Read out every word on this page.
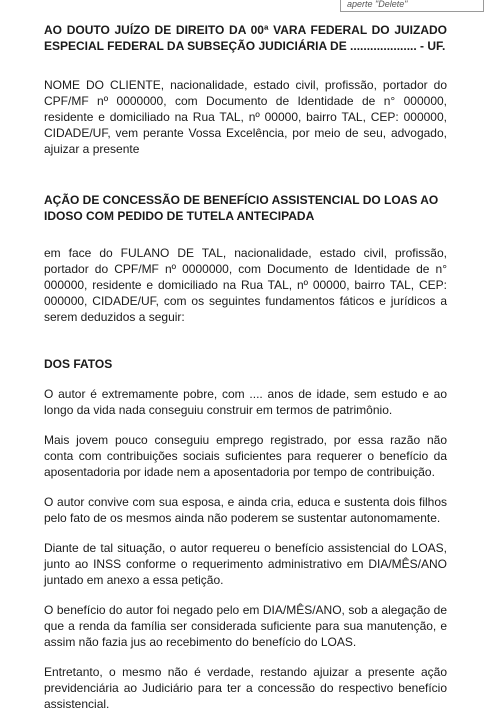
aperte "Delete"

AO DOUTO JUÍZO DE DIREITO DA 00ª VARA FEDERAL DO JUIZADO ESPECIAL FEDERAL DA SUBSEÇÃO JUDICIÁRIA DE .................... - UF.

NOME DO CLIENTE, nacionalidade, estado civil, profissão, portador do CPF/MF nº 0000000, com Documento de Identidade de n° 000000, residente e domiciliado na Rua TAL, nº 00000, bairro TAL, CEP: 000000, CIDADE/UF, vem perante Vossa Excelência, por meio de seu, advogado, ajuizar a presente

AÇÃO DE CONCESSÃO DE BENEFÍCIO ASSISTENCIAL DO LOAS AO IDOSO COM PEDIDO DE TUTELA ANTECIPADA

em face do FULANO DE TAL, nacionalidade, estado civil, profissão, portador do CPF/MF nº 0000000, com Documento de Identidade de n° 000000, residente e domiciliado na Rua TAL, nº 00000, bairro TAL, CEP: 000000, CIDADE/UF, com os seguintes fundamentos fáticos e jurídicos a serem deduzidos a seguir:

DOS FATOS

O autor é extremamente pobre, com .... anos de idade, sem estudo e ao longo da vida nada conseguiu construir em termos de patrimônio.

Mais jovem pouco conseguiu emprego registrado, por essa razão não conta com contribuições sociais suficientes para requerer o benefício da aposentadoria por idade nem a aposentadoria por tempo de contribuição.

O autor convive com sua esposa, e ainda cria, educa e sustenta dois filhos pelo fato de os mesmos ainda não poderem se sustentar autonomamente.

Diante de tal situação, o autor requereu o benefício assistencial do LOAS, junto ao INSS conforme o requerimento administrativo em DIA/MÊS/ANO juntado em anexo a essa petição.

O benefício do autor foi negado pelo em DIA/MÊS/ANO, sob a alegação de que a renda da família ser considerada suficiente para sua manutenção, e assim não fazia jus ao recebimento do benefício do LOAS.

Entretanto, o mesmo não é verdade, restando ajuizar a presente ação previdenciária ao Judiciário para ter a concessão do respectivo benefício assistencial.
